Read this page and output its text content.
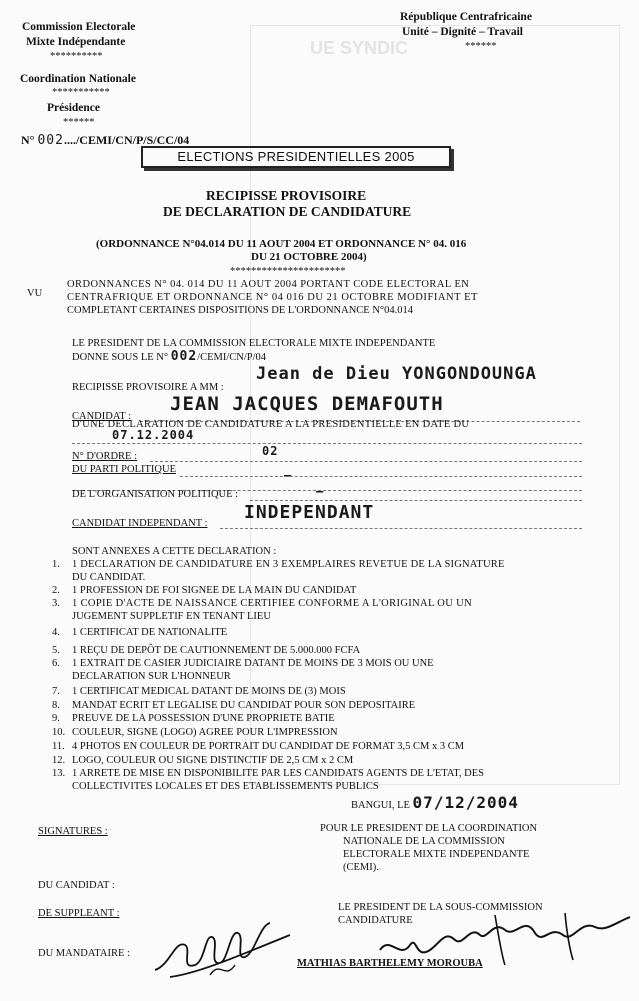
UE SYNDIC
Commission Electorale
Mixte Indépendante
**********
Coordination Nationale
***********
Présidence
******
N° 002..../CEMI/CN/P/S/CC/04
République Centrafricaine
Unité – Dignité – Travail
******
ELECTIONS PRESIDENTIELLES 2005
RECIPISSE PROVISOIRE
DE DECLARATION DE CANDIDATURE
(ORDONNANCE N°04.014 DU 11 AOUT 2004 ET ORDONNANCE N° 04. 016
DU 21 OCTOBRE 2004)
**********************
VU
ORDONNANCES N° 04. 014 DU 11 AOUT 2004 PORTANT CODE ELECTORAL EN
CENTRAFRIQUE ET ORDONNANCE N° 04 016 DU 21 OCTOBRE MODIFIANT ET
COMPLETANT CERTAINES DISPOSITIONS DE L'ORDONNANCE N°04.014
LE PRESIDENT DE LA COMMISSION ELECTORALE MIXTE INDEPENDANTE
DONNE SOUS LE N° 002/CEMI/CN/P/04
RECIPISSE PROVISOIRE A MM :
Jean de Dieu YONGONDOUNGA
CANDIDAT :
JEAN JACQUES DEMAFOUTH
D'UNE DECLARATION DE CANDIDATURE A LA PRESIDENTIELLE EN DATE DU
07.12.2004
N° D'ORDRE :	02
DU PARTI POLITIQUE	—
DE L'ORGANISATION POLITIQUE :	—
CANDIDAT INDEPENDANT :
INDEPENDANT
SONT ANNEXES A CETTE DECLARATION :
1.	1 DECLARATION DE CANDIDATURE EN 3 EXEMPLAIRES REVETUE DE LA SIGNATURE
DU CANDIDAT.
2.	1 PROFESSION DE FOI SIGNEE DE LA MAIN DU CANDIDAT
3.	1 COPIE D'ACTE DE NAISSANCE CERTIFIEE CONFORME A L'ORIGINAL OU UN
JUGEMENT SUPPLETIF EN TENANT LIEU
4.	1 CERTIFICAT DE NATIONALITE
5.	1 REÇU DE DEPÔT DE CAUTIONNEMENT DE 5.000.000 FCFA
6.	1 EXTRAIT DE CASIER JUDICIAIRE DATANT DE MOINS DE 3 MOIS OU UNE
DECLARATION SUR L'HONNEUR
7.	1 CERTIFICAT MEDICAL DATANT DE MOINS DE (3) MOIS
8.	MANDAT ECRIT ET LEGALISE DU CANDIDAT POUR SON DEPOSITAIRE
9.	PREUVE DE LA POSSESSION D'UNE PROPRIETE BATIE
10. COULEUR, SIGNE (LOGO) AGREE POUR L'IMPRESSION
11. 4 PHOTOS EN COULEUR DE PORTRAIT DU CANDIDAT DE FORMAT 3,5 CM x 3 CM
12. LOGO, COULEUR OU SIGNE DISTINCTIF DE 2,5 CM x 2 CM
13. 1 ARRETE DE MISE EN DISPONIBILITE PAR LES CANDIDATS AGENTS DE L'ETAT, DES
COLLECTIVITES LOCALES ET DES ETABLISSEMENTS PUBLICS
BANGUI, LE 07/12/2004
SIGNATURES :	POUR LE PRESIDENT DE LA COORDINATION
NATIONALE DE LA COMMISSION
ELECTORALE MIXTE INDEPENDANTE
(CEMI).
DU CANDIDAT :
DE SUPPLEANT :
LE PRESIDENT DE LA SOUS-COMMISSION
CANDIDATURE
DU MANDATAIRE :
MATHIAS BARTHELEMY MOROUBA
